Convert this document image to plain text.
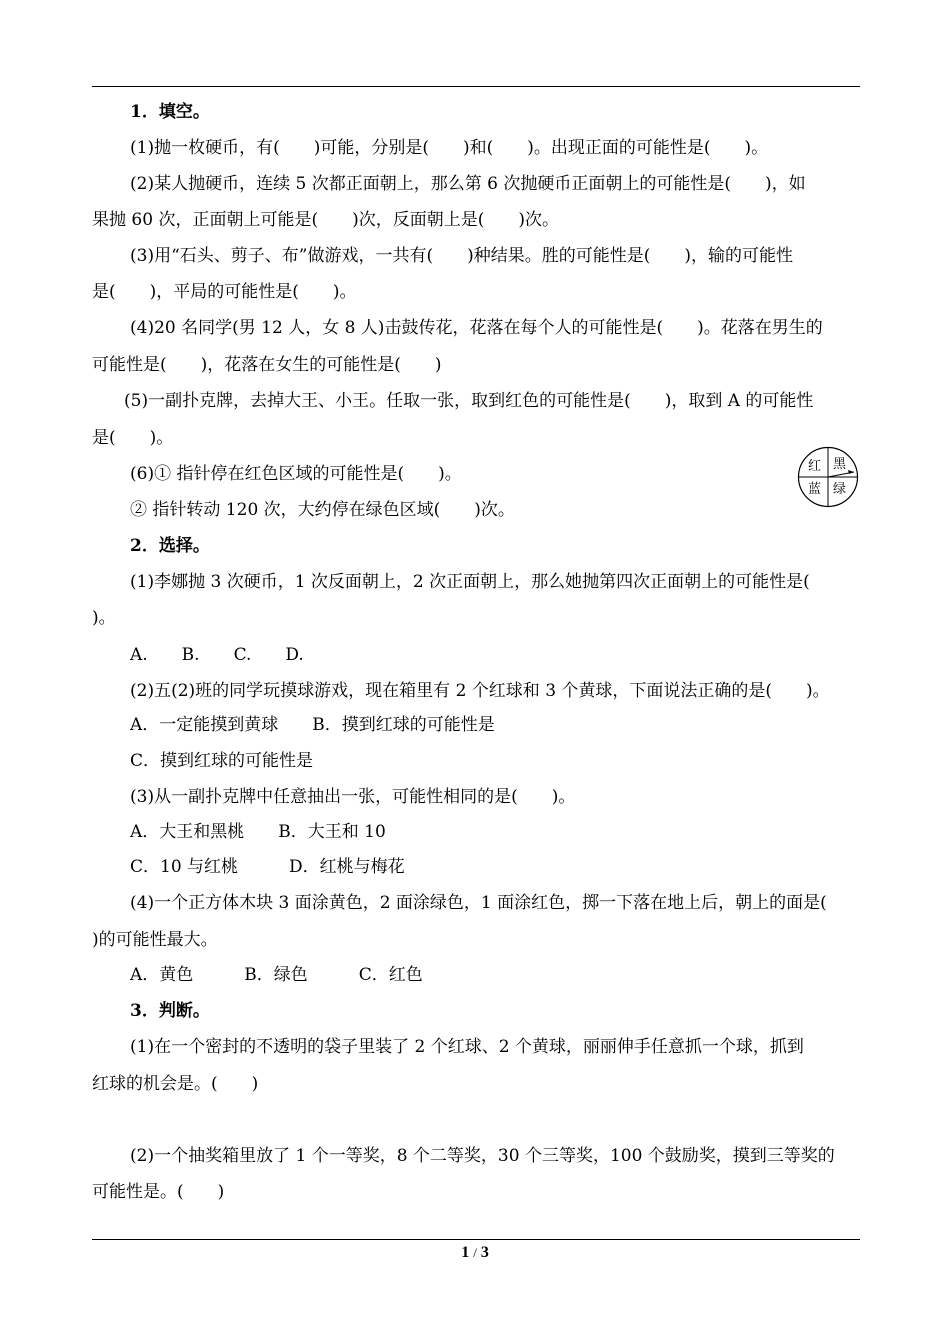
1．填空。
(1)抛一枚硬币，有(　　)可能，分别是(　　)和(　　)。出现正面的可能性是(　　)。
(2)某人抛硬币，连续 5 次都正面朝上，那么第 6 次抛硬币正面朝上的可能性是(　　)，如
果抛 60 次，正面朝上可能是(　　)次，反面朝上是(　　)次。
(3)用“石头、剪子、布”做游戏，一共有(　　)种结果。胜的可能性是(　　)，输的可能性
是(　　)，平局的可能性是(　　)。
(4)20 名同学(男 12 人，女 8 人)击鼓传花，花落在每个人的可能性是(　　)。花落在男生的
可能性是(　　)，花落在女生的可能性是(　　)
(5)一副扑克牌，去掉大王、小王。任取一张，取到红色的可能性是(　　)，取到 A 的可能性
是(　　)。
(6)① 指针停在红色区域的可能性是(　　)。
② 指针转动 120 次，大约停在绿色区域(　　)次。
红 黑
蓝 绿
2．选择。
(1)李娜抛 3 次硬币，1 次反面朝上，2 次正面朝上，那么她抛第四次正面朝上的可能性是(
)。
A.　　B.　　C.　　D.
(2)五(2)班的同学玩摸球游戏，现在箱里有 2 个红球和 3 个黄球，下面说法正确的是(　　)。
A．一定能摸到黄球　　B．摸到红球的可能性是
C．摸到红球的可能性是
(3)从一副扑克牌中任意抽出一张，可能性相同的是(　　)。
A．大王和黑桃　　B．大王和 10
C．10 与红桃　　　D．红桃与梅花
(4)一个正方体木块 3 面涂黄色，2 面涂绿色，1 面涂红色，掷一下落在地上后，朝上的面是(
)的可能性最大。
A．黄色　　　B．绿色　　　C．红色
3．判断。
(1)在一个密封的不透明的袋子里装了 2 个红球、2 个黄球，丽丽伸手任意抓一个球，抓到
红球的机会是。(　　)
(2)一个抽奖箱里放了 1 个一等奖，8 个二等奖，30 个三等奖，100 个鼓励奖，摸到三等奖的
可能性是。(　　)
1 / 3
